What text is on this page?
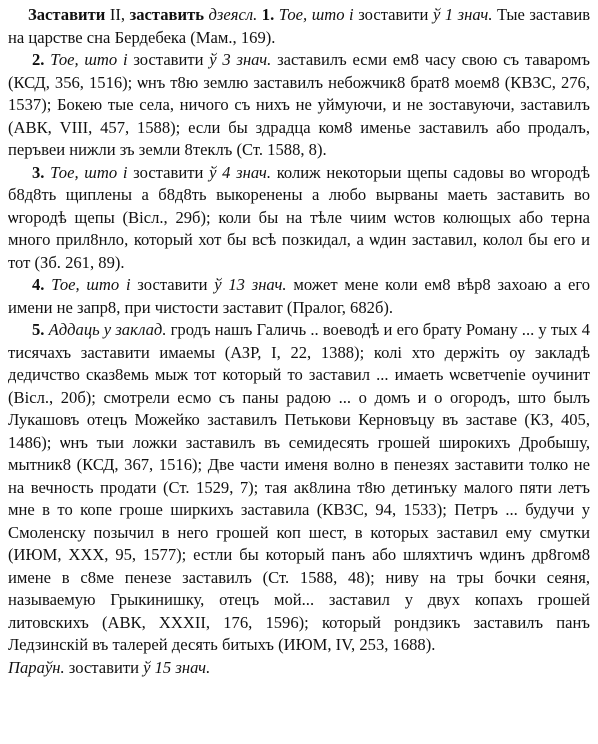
Заставити II, заставить дзеясл. 1. Тое, што і зоставити ў 1 знач. Тые заставив на царстве сна Бердебека (Мам., 169).

2. Тое, што і зоставити ў 3 знач. заставилъ есми ем8 часу свою съ таваромъ (КСД, 356, 1516); ѡнъ т8ю землю заставилъ небожчик8 брат8 моем8 (КВЗС, 276, 1537); Бокею тые села, ничого съ нихъ не уймуючи, и не зоставуючи, заставилъ (АВК, VIII, 457, 1588); если бы здрадца ком8 именье заставилъ або продалъ, перъвеи нижли зъ земли 8теклъ (Ст. 1588, 8).

3. Тое, што і зоставити ў 4 знач. колиж некоторыи щепы садовы во ѡгородѣ б8д8ть щиплены а б8д8ть выкоренены а любо вырваны маеть заставить во ѡгородѣ щепы (Вісл., 29б); коли бы на тѣле чиим ѡстов колющых або терна много прил8нло, который хот бы всѣ позкидал, а ѡдин заставил, колол бы его и тот (Зб. 261, 89).

4. Тое, што і зоставити ў 13 знач. может мене коли ем8 вѣр8 захоаю а его имени не запр8, при чистости заставит (Пралог, 682б).

5. Аддаць у заклад. гродъ нашъ Галичь .. воеводѣ и его брату Роману ... у тых 4 тисячахъ заставити имаемы (АЗР, І, 22, 1388); колі хто держіть оу закладѣ дедичство сказ8емь мыж тот который то заставил ... имаеть ѡсветчеnie оучинит (Вісл., 20б); смотрели есмо съ паны радою ... о домъ и о огородъ, што былъ Лукашовъ отецъ Можейко заставилъ Петькови Керновъцу въ заставе (КЗ, 405, 1486); ѡнъ тыи ложки заставилъ въ семидесять грошей широкихъ Дробышу, мытник8 (КСД, 367, 1516); Две части именя волно в пенезях заставити толко не на вечность продати (Ст. 1529, 7); тая ак8лина т8ю детинъку малого пяти летъ мне в то копе гроше ширкихъ заставила (КВЗС, 94, 1533); Петръ ... будучи у Смоленску позычил в него грошей коп шест, в которых заставил ему смутки (ИЮМ, ХХХ, 95, 1577); естли бы который панъ або шляхтичъ ѡдинъ др8гом8 имене в с8ме пенезе заставилъ (Ст. 1588, 48); ниву на тры бочки сеяня, называемую Грыкинишку, отецъ мой... заставил у двух копахъ грошей литовскихъ (АВК, ХХХІІ, 176, 1596); который рондзикъ заставилъ панъ Ледзинскій въ талерей десять битыхъ (ИЮМ, IV, 253, 1688).

Параўн. зоставити ў 15 знач.
